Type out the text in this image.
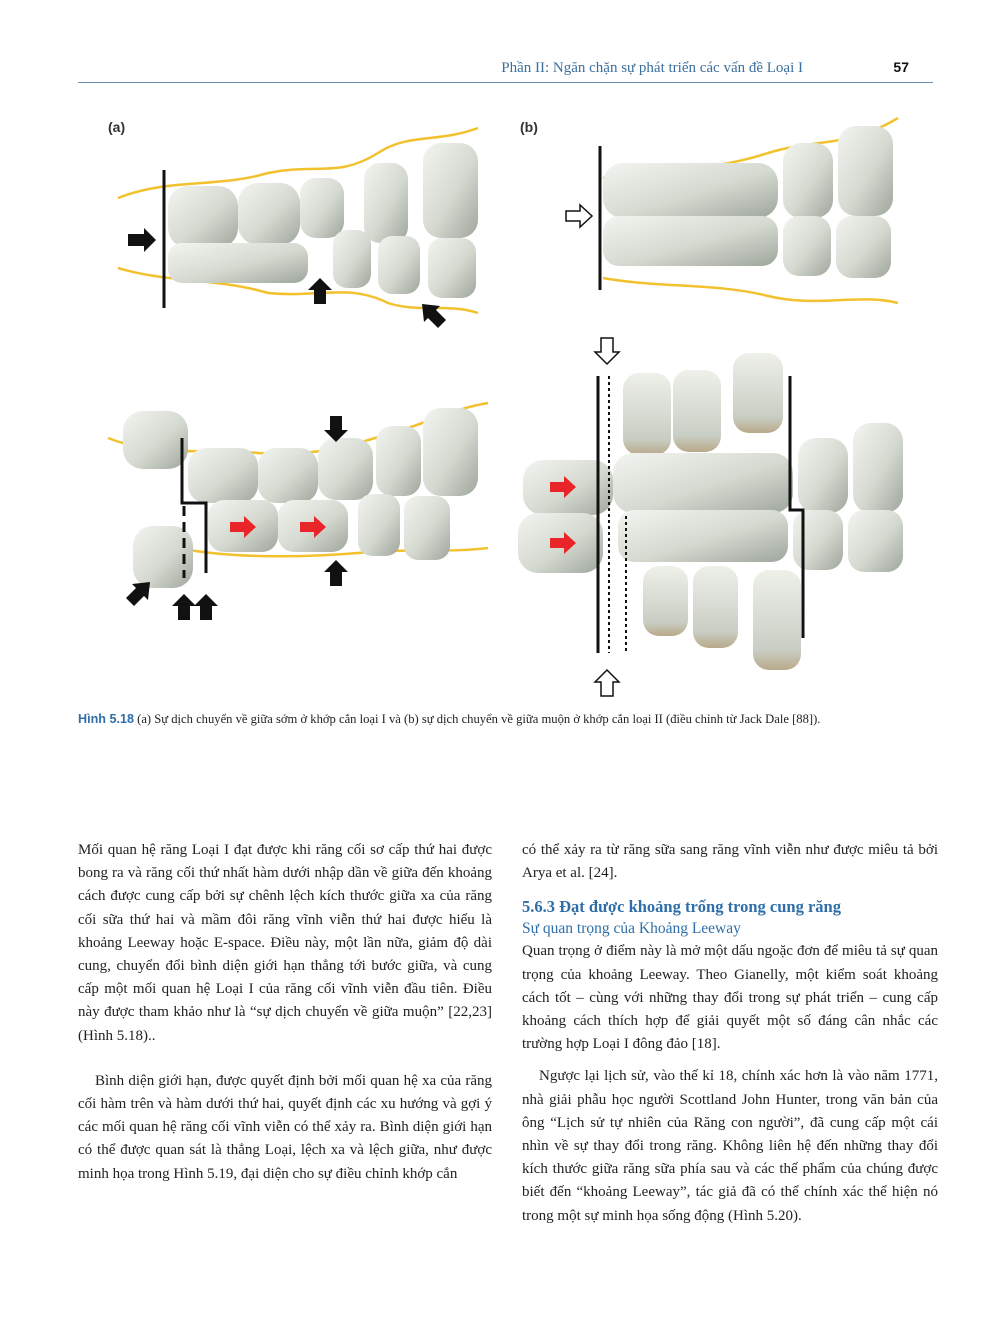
Phần II: Ngăn chặn sự phát triển các vấn đề Loại I	57
(a)	(b)
Hình 5.18 (a) Sự dịch chuyển về giữa sớm ở khớp cắn loại I và (b) sự dịch chuyển về giữa muộn ở khớp cắn loại II (điều chỉnh từ Jack Dale [88]).

Mối quan hệ răng Loại I đạt được khi răng cối sơ cấp thứ hai được bong ra và răng cối thứ nhất hàm dưới nhập dần về giữa đến khoảng cách được cung cấp bởi sự chênh lệch kích thước giữa xa của răng cối sữa thứ hai và mầm đôi răng vĩnh viễn thứ hai được hiểu là khoảng Leeway hoặc E-space. Điều này, một lần nữa, giảm độ dài cung, chuyển đổi bình diện giới hạn thẳng tới bước giữa, và cung cấp một mối quan hệ Loại I của răng cối vĩnh viễn đầu tiên. Điều này được tham khảo như là “sự dịch chuyển về giữa muộn” [22,23] (Hình 5.18)..

Bình diện giới hạn, được quyết định bởi mối quan hệ xa của răng cối hàm trên và hàm dưới thứ hai, quyết định các xu hướng và gợi ý các mối quan hệ răng cối vĩnh viễn có thể xảy ra. Bình diện giới hạn có thể được quan sát là thẳng Loại, lệch xa và lệch giữa, như được minh họa trong Hình 5.19, đại diện cho sự điều chỉnh khớp cắn

có thể xảy ra từ răng sữa sang răng vĩnh viễn như được miêu tả bởi Arya et al. [24].

5.6.3 Đạt được khoảng trống trong cung răng
Sự quan trọng của Khoảng Leeway

Quan trọng ở điểm này là mở một dấu ngoặc đơn để miêu tả sự quan trọng của khoảng Leeway. Theo Gianelly, một kiểm soát khoảng cách tốt – cùng với những thay đổi trong sự phát triển – cung cấp khoảng cách thích hợp để giải quyết một số đáng cân nhắc các trường hợp Loại I đông đảo [18].

Ngược lại lịch sử, vào thế kỉ 18, chính xác hơn là vào năm 1771, nhà giải phẫu học người Scottland John Hunter, trong văn bản của ông “Lịch sử tự nhiên của Răng con người”, đã cung cấp một cái nhìn về sự thay đổi trong răng. Không liên hệ đến những thay đổi kích thước giữa răng sữa phía sau và các thế phẩm của chúng được biết đến “khoảng Leeway”, tác giả đã có thể chính xác thể hiện nó trong một sự minh họa sống động (Hình 5.20).
